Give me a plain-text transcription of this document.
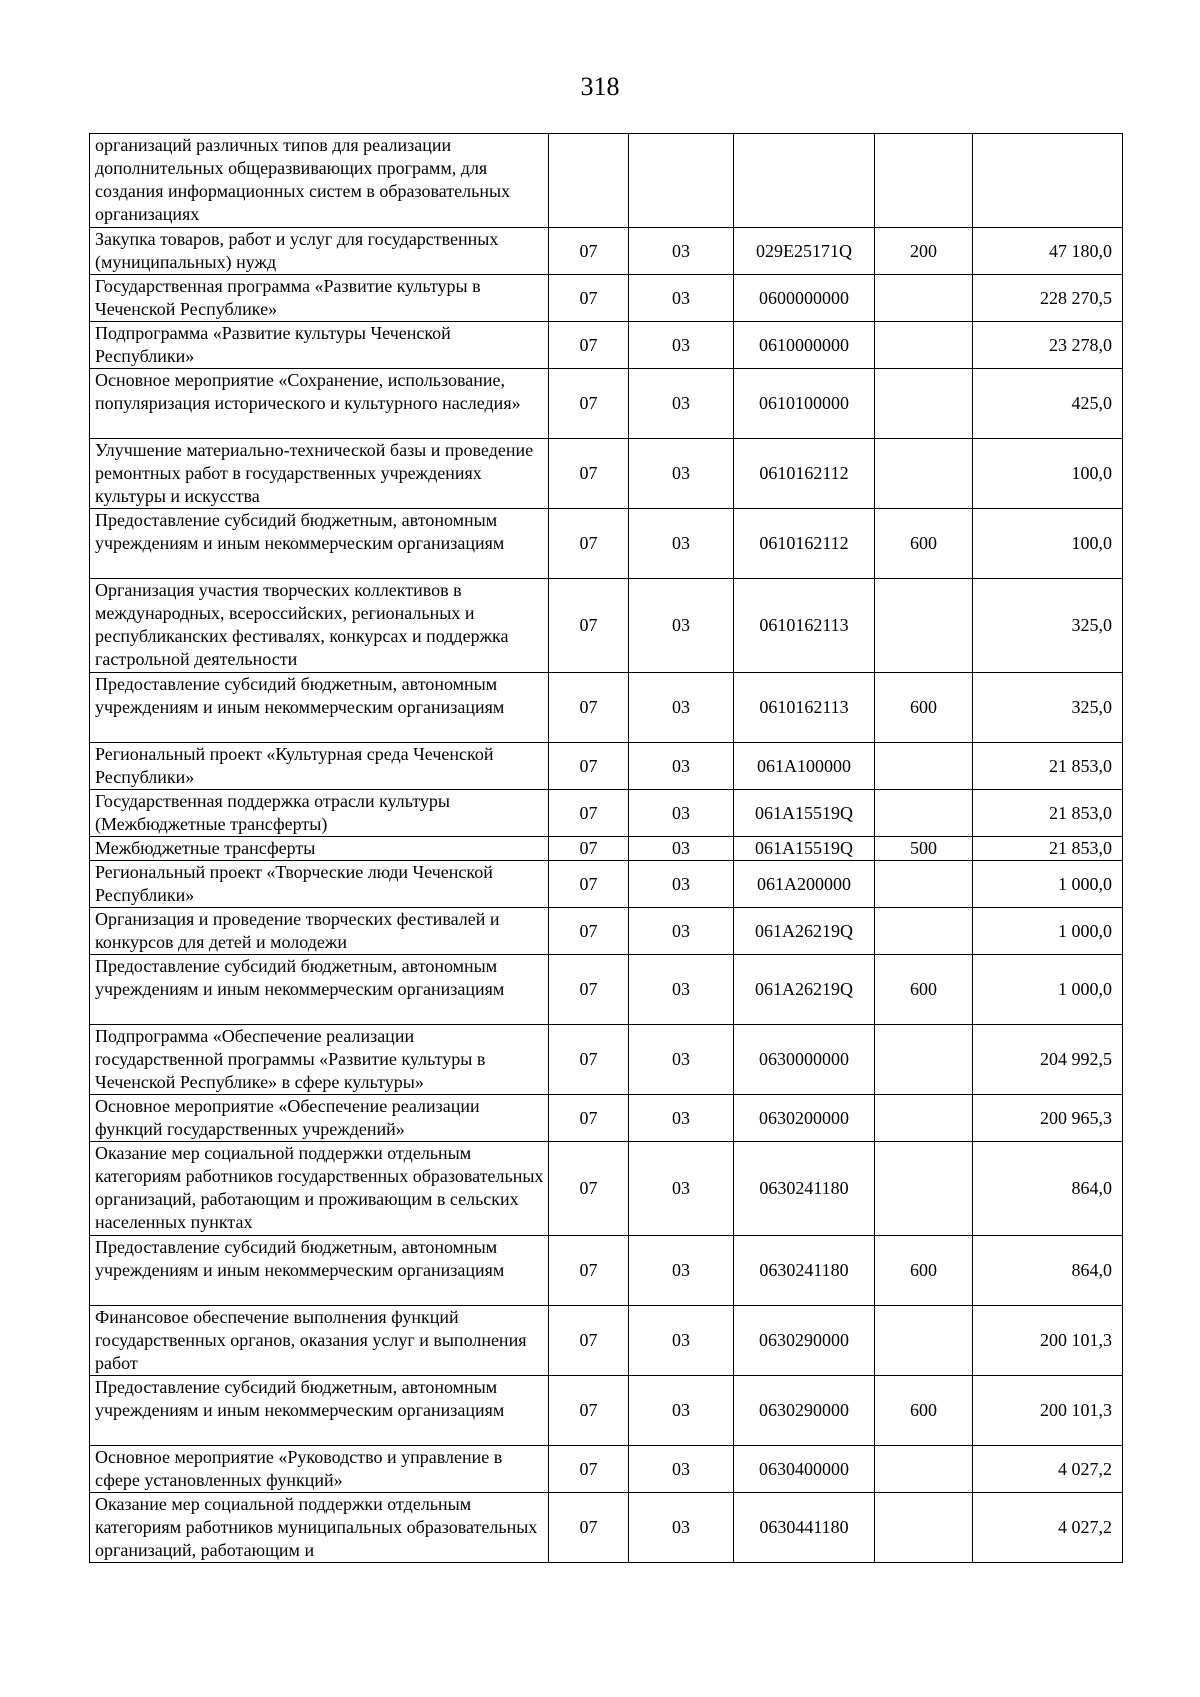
318
организаций различных типов для реализации дополнительных общеразвивающих программ, для создания информационных систем в образовательных организациях					
Закупка товаров, работ и услуг для государственных (муниципальных) нужд	07	03	029E25171Q	200	47 180,0
Государственная программа «Развитие культуры в Чеченской Республике»	07	03	0600000000		228 270,5
Подпрограмма «Развитие культуры Чеченской Республики»	07	03	0610000000		23 278,0
Основное мероприятие «Сохранение, использование, популяризация исторического и культурного наследия»	07	03	0610100000		425,0
Улучшение материально-технической базы и проведение ремонтных работ в государственных учреждениях культуры и искусства	07	03	0610162112		100,0
Предоставление субсидий бюджетным, автономным учреждениям и иным некоммерческим организациям	07	03	0610162112	600	100,0
Организация участия творческих коллективов в международных, всероссийских, региональных и республиканских фестивалях, конкурсах и поддержка гастрольной деятельности	07	03	0610162113		325,0
Предоставление субсидий бюджетным, автономным учреждениям и иным некоммерческим организациям	07	03	0610162113	600	325,0
Региональный проект «Культурная среда Чеченской Республики»	07	03	061A100000		21 853,0
Государственная поддержка отрасли культуры (Межбюджетные трансферты)	07	03	061A15519Q		21 853,0
Межбюджетные трансферты	07	03	061A15519Q	500	21 853,0
Региональный проект «Творческие люди Чеченской Республики»	07	03	061A200000		1 000,0
Организация и проведение творческих фестивалей и конкурсов для детей и молодежи	07	03	061A26219Q		1 000,0
Предоставление субсидий бюджетным, автономным учреждениям и иным некоммерческим организациям	07	03	061A26219Q	600	1 000,0
Подпрограмма «Обеспечение реализации государственной программы «Развитие культуры в Чеченской Республике» в сфере культуры»	07	03	0630000000		204 992,5
Основное мероприятие «Обеспечение реализации функций государственных учреждений»	07	03	0630200000		200 965,3
Оказание мер социальной поддержки отдельным категориям работников государственных образовательных организаций, работающим и проживающим в сельских населенных пунктах	07	03	0630241180		864,0
Предоставление субсидий бюджетным, автономным учреждениям и иным некоммерческим организациям	07	03	0630241180	600	864,0
Финансовое обеспечение выполнения функций государственных органов, оказания услуг и выполнения работ	07	03	0630290000		200 101,3
Предоставление субсидий бюджетным, автономным учреждениям и иным некоммерческим организациям	07	03	0630290000	600	200 101,3
Основное мероприятие «Руководство и управление в сфере установленных функций»	07	03	0630400000		4 027,2
Оказание мер социальной поддержки отдельным категориям работников муниципальных образовательных организаций, работающим и	07	03	0630441180		4 027,2
